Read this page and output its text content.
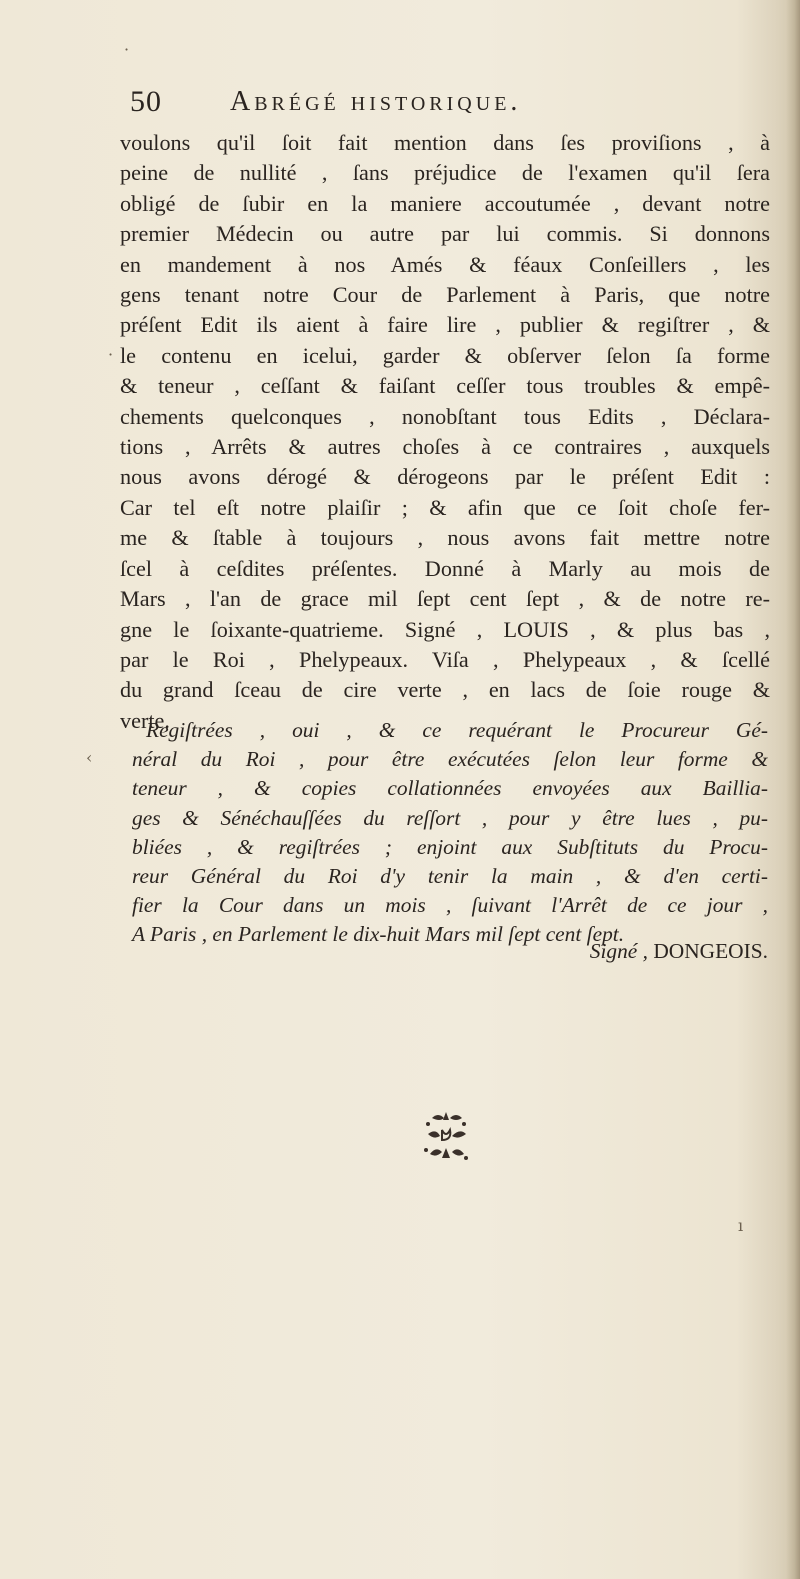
50 Abrégé historique.
voulons qu'il ſoit fait mention dans ſes proviſions , à
peine de nullité , ſans préjudice de l'examen qu'il ſera
obligé de ſubir en la maniere accoutumée , devant notre
premier Médecin ou autre par lui commis. Si donnons
en mandement à nos Amés & féaux Conſeillers , les
gens tenant notre Cour de Parlement à Paris, que notre
préſent Edit ils aient à faire lire , publier & regiſtrer , &
le contenu en icelui, garder & obſerver ſelon ſa forme
& teneur , ceſſant & faiſant ceſſer tous troubles & empê-
chements quelconques , nonobſtant tous Edits , Déclara-
tions , Arrêts & autres choſes à ce contraires , auxquels
nous avons dérogé & dérogeons par le préſent Edit :
Car tel eſt notre plaiſir ; & afin que ce ſoit choſe fer-
me & ſtable à toujours , nous avons fait mettre notre
ſcel à ceſdites préſentes. Donné à Marly au mois de
Mars , l'an de grace mil ſept cent ſept , & de notre re-
gne le ſoixante-quatrieme. Signé , LOUIS , & plus bas ,
par le Roi , Phelypeaux. Viſa , Phelypeaux , & ſcellé
du grand ſceau de cire verte , en lacs de ſoie rouge &
verte.
Regiſtrées , oui , & ce requérant le Procureur Gé-
néral du Roi , pour être exécutées ſelon leur forme &
teneur , & copies collationnées envoyées aux Baillia-
ges & Sénéchauſſées du reſſort , pour y être lues , pu-
bliées , & regiſtrées ; enjoint aux Subſtituts du Procu-
reur Général du Roi d'y tenir la main , & d'en certi-
fier la Cour dans un mois , ſuivant l'Arrêt de ce jour ,
A Paris , en Parlement le dix-huit Mars mil ſept cent ſept.
Signé , DONGEOIS.
·
·
‹
ı
